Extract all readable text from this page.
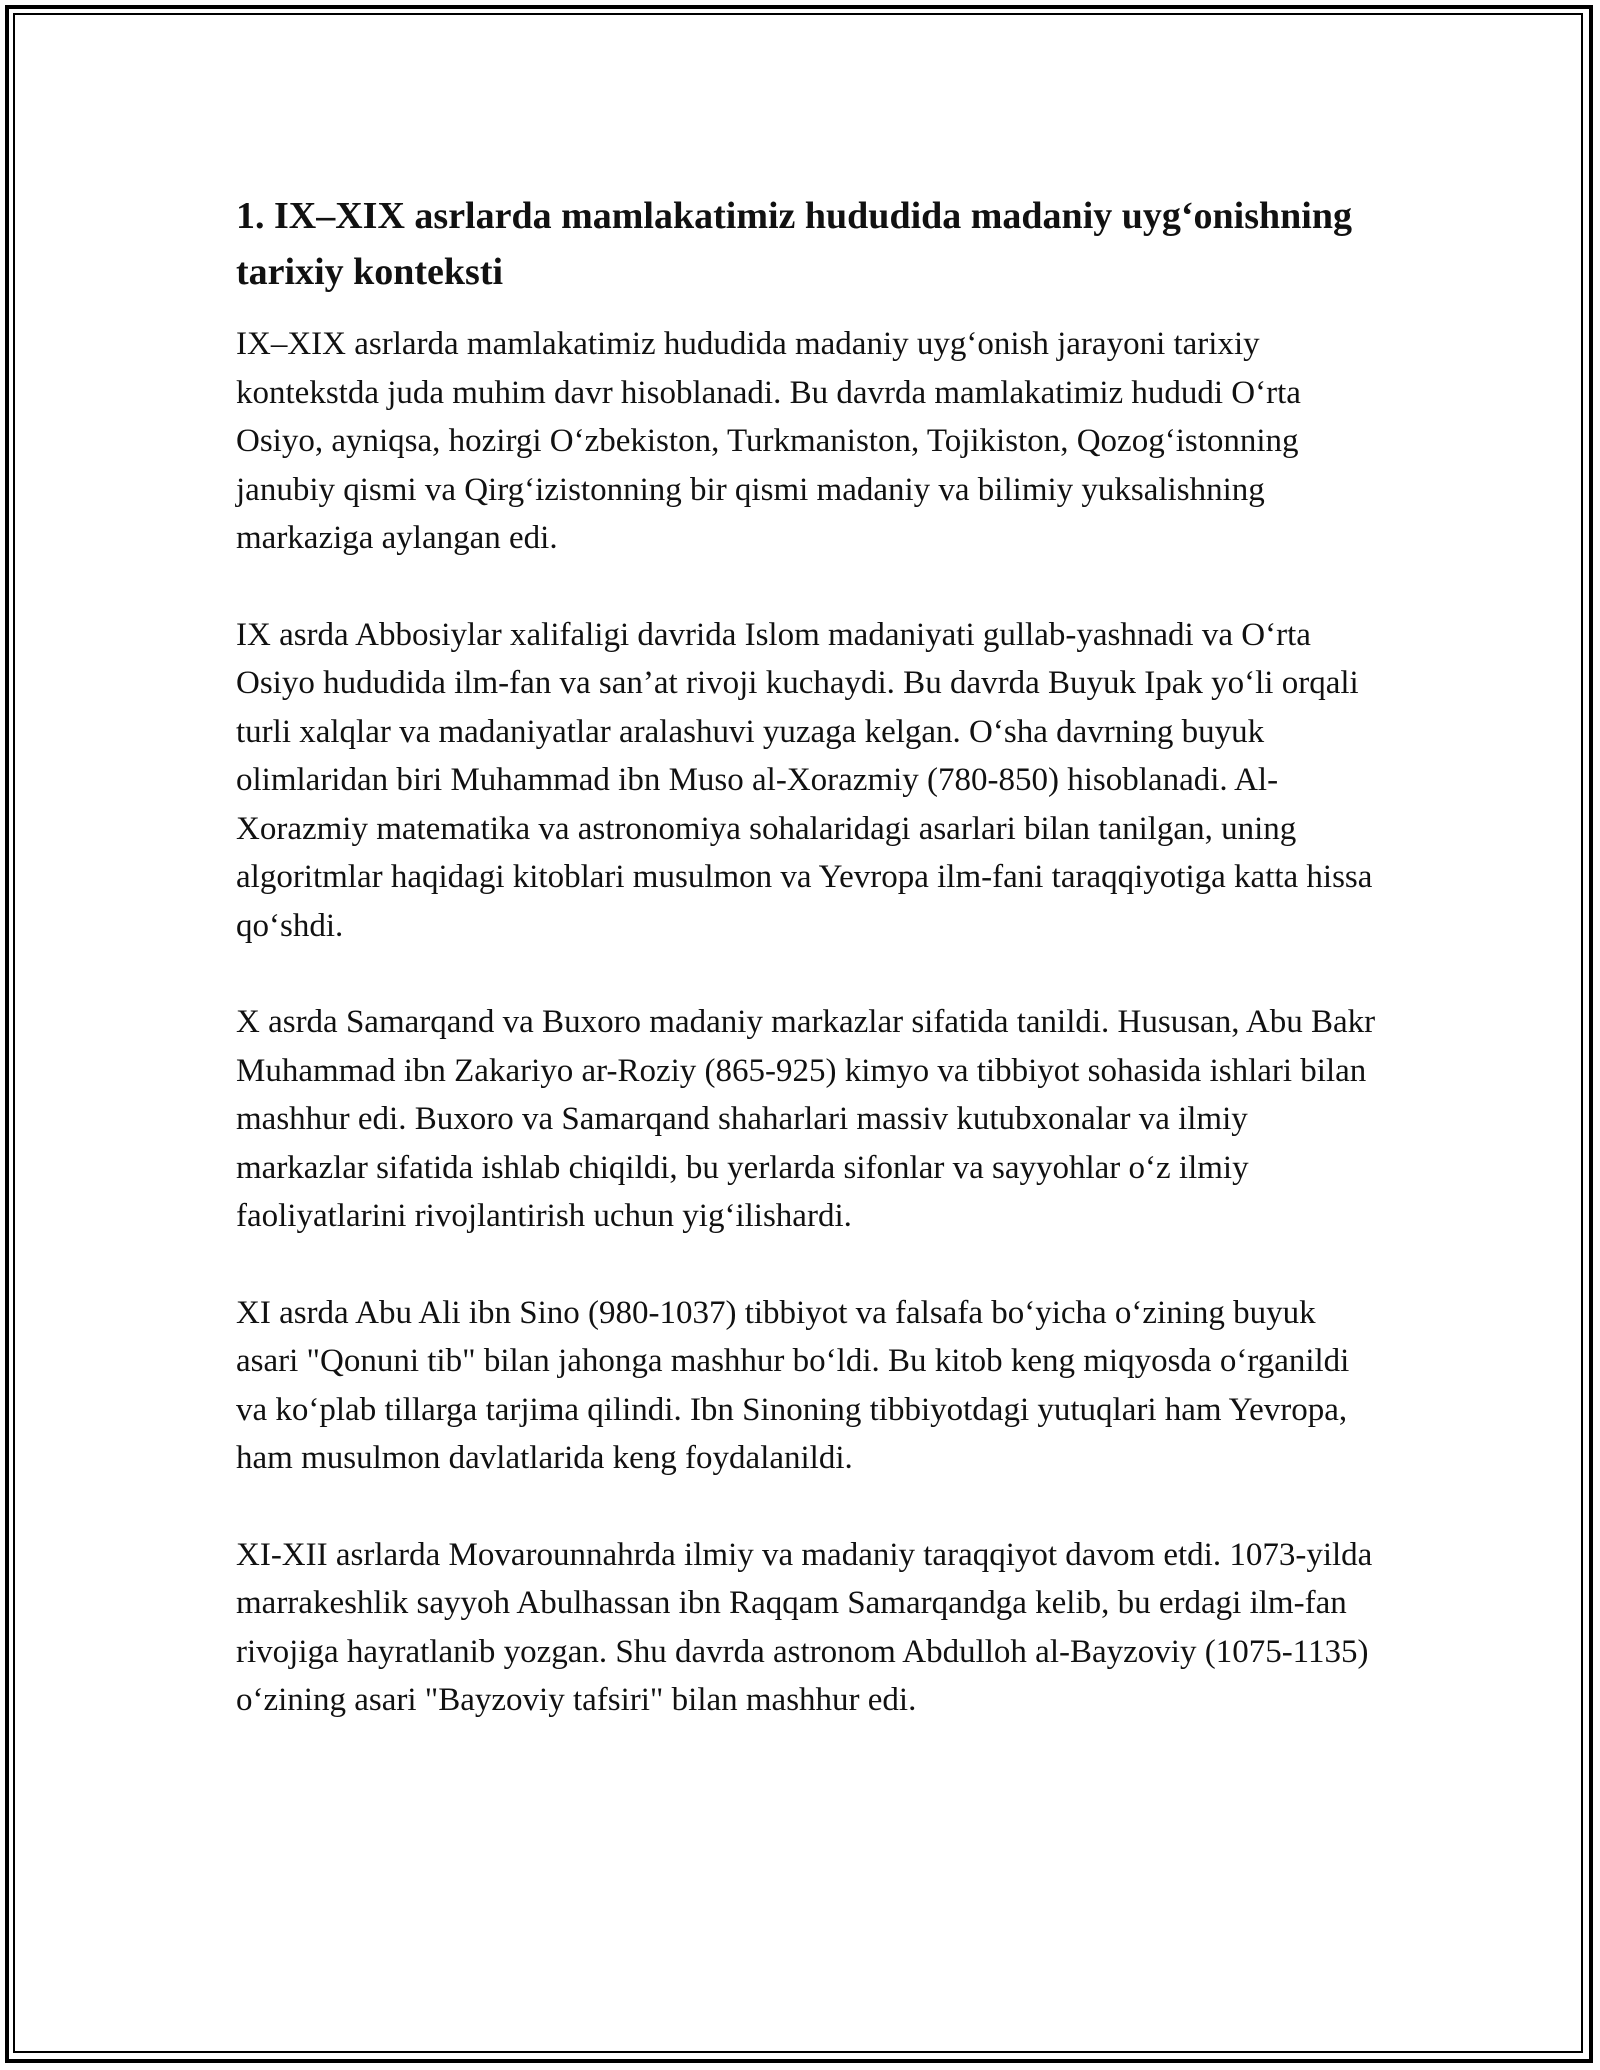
1. IX–XIX asrlarda mamlakatimiz hududida madaniy uyg‘onishning tarixiy konteksti

IX–XIX asrlarda mamlakatimiz hududida madaniy uyg‘onish jarayoni tarixiy kontekstda juda muhim davr hisoblanadi. Bu davrda mamlakatimiz hududi O‘rta Osiyo, ayniqsa, hozirgi O‘zbekiston, Turkmaniston, Tojikiston, Qozog‘istonning janubiy qismi va Qirg‘izistonning bir qismi madaniy va bilimiy yuksalishning markaziga aylangan edi.

IX asrda Abbosiylar xalifaligi davrida Islom madaniyati gullab-yashnadi va O‘rta Osiyo hududida ilm-fan va san’at rivoji kuchaydi. Bu davrda Buyuk Ipak yo‘li orqali turli xalqlar va madaniyatlar aralashuvi yuzaga kelgan. O‘sha davrning buyuk olimlaridan biri Muhammad ibn Muso al-Xorazmiy (780-850) hisoblanadi. Al-Xorazmiy matematika va astronomiya sohalaridagi asarlari bilan tanilgan, uning algoritmlar haqidagi kitoblari musulmon va Yevropa ilm-fani taraqqiyotiga katta hissa qo‘shdi.

X asrda Samarqand va Buxoro madaniy markazlar sifatida tanildi. Hususan, Abu Bakr Muhammad ibn Zakariyo ar-Roziy (865-925) kimyo va tibbiyot sohasida ishlari bilan mashhur edi. Buxoro va Samarqand shaharlari massiv kutubxonalar va ilmiy markazlar sifatida ishlab chiqildi, bu yerlarda sifonlar va sayyohlar o‘z ilmiy faoliyatlarini rivojlantirish uchun yig‘ilishardi.

XI asrda Abu Ali ibn Sino (980-1037) tibbiyot va falsafa bo‘yicha o‘zining buyuk asari "Qonuni tib" bilan jahonga mashhur bo‘ldi. Bu kitob keng miqyosda o‘rganildi va ko‘plab tillarga tarjima qilindi. Ibn Sinoning tibbiyotdagi yutuqlari ham Yevropa, ham musulmon davlatlarida keng foydalanildi.

XI-XII asrlarda Movarounnahrda ilmiy va madaniy taraqqiyot davom etdi. 1073-yilda marrakeshlik sayyoh Abulhassan ibn Raqqam Samarqandga kelib, bu erdagi ilm-fan rivojiga hayratlanib yozgan. Shu davrda astronom Abdulloh al-Bayzoviy (1075-1135) o‘zining asari "Bayzoviy tafsiri" bilan mashhur edi.
